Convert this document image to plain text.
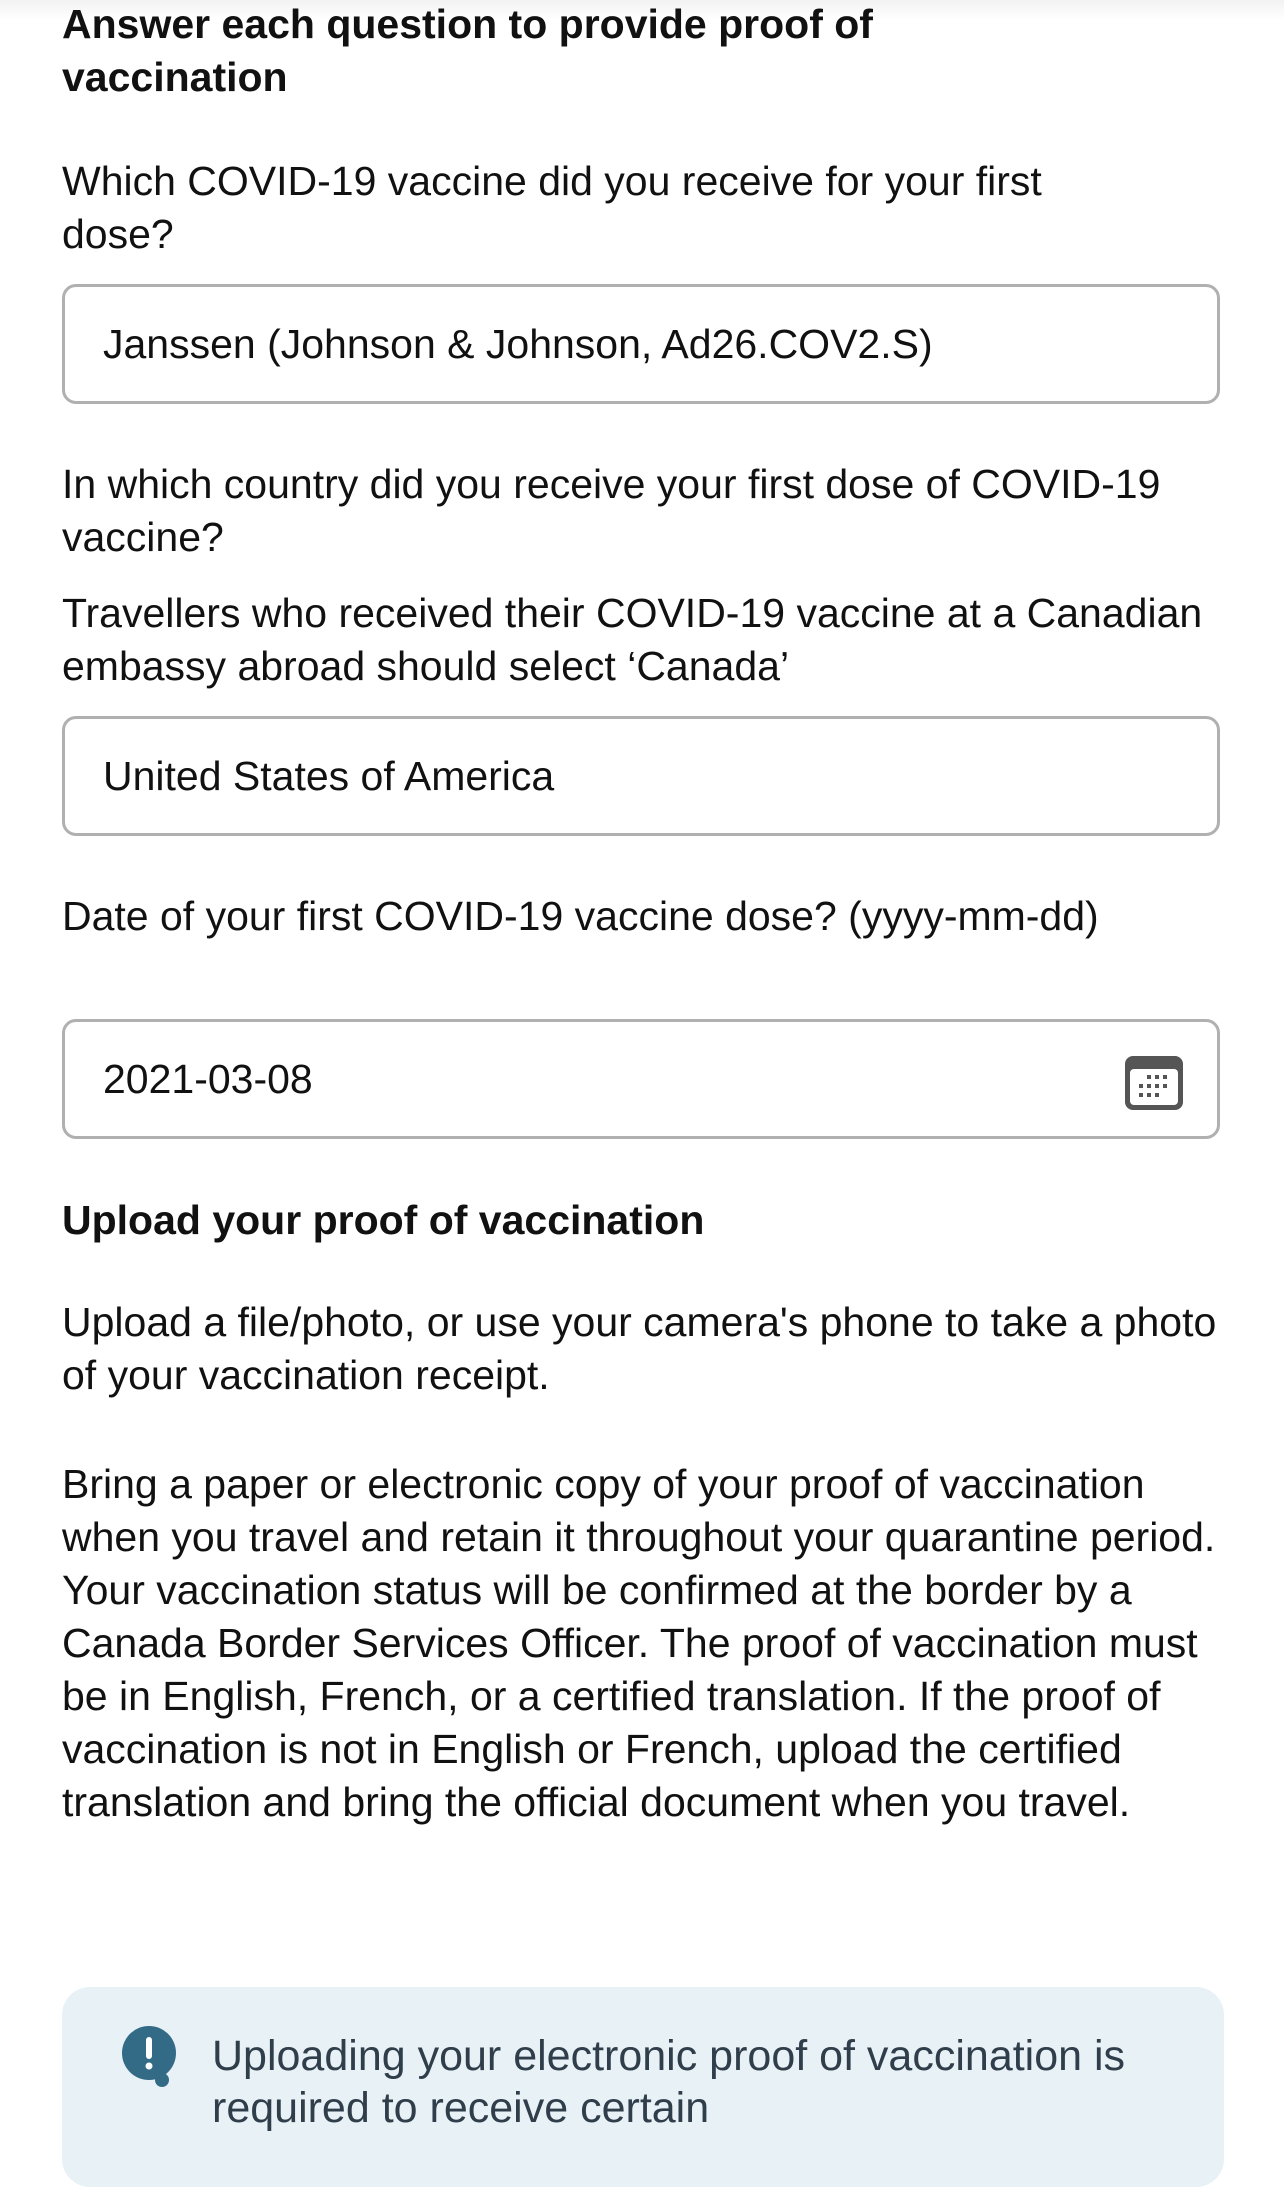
Answer each question to provide proof of vaccination

Which COVID-19 vaccine did you receive for your first dose?

Janssen (Johnson & Johnson, Ad26.COV2.S)

In which country did you receive your first dose of COVID-19 vaccine?

Travellers who received their COVID-19 vaccine at a Canadian embassy abroad should select ‘Canada’

United States of America

Date of your first COVID-19 vaccine dose? (yyyy-mm-dd)

2021-03-08
Upload your proof of vaccination

Upload a file/photo, or use your camera's phone to take a photo of your vaccination receipt.

Bring a paper or electronic copy of your proof of vaccination when you travel and retain it throughout your quarantine period. Your vaccination status will be confirmed at the border by a Canada Border Services Officer. The proof of vaccination must be in English, French, or a certified translation. If the proof of vaccination is not in English or French, upload the certified translation and bring the official document when you travel.

Uploading your electronic proof of vaccination is required to receive certain
